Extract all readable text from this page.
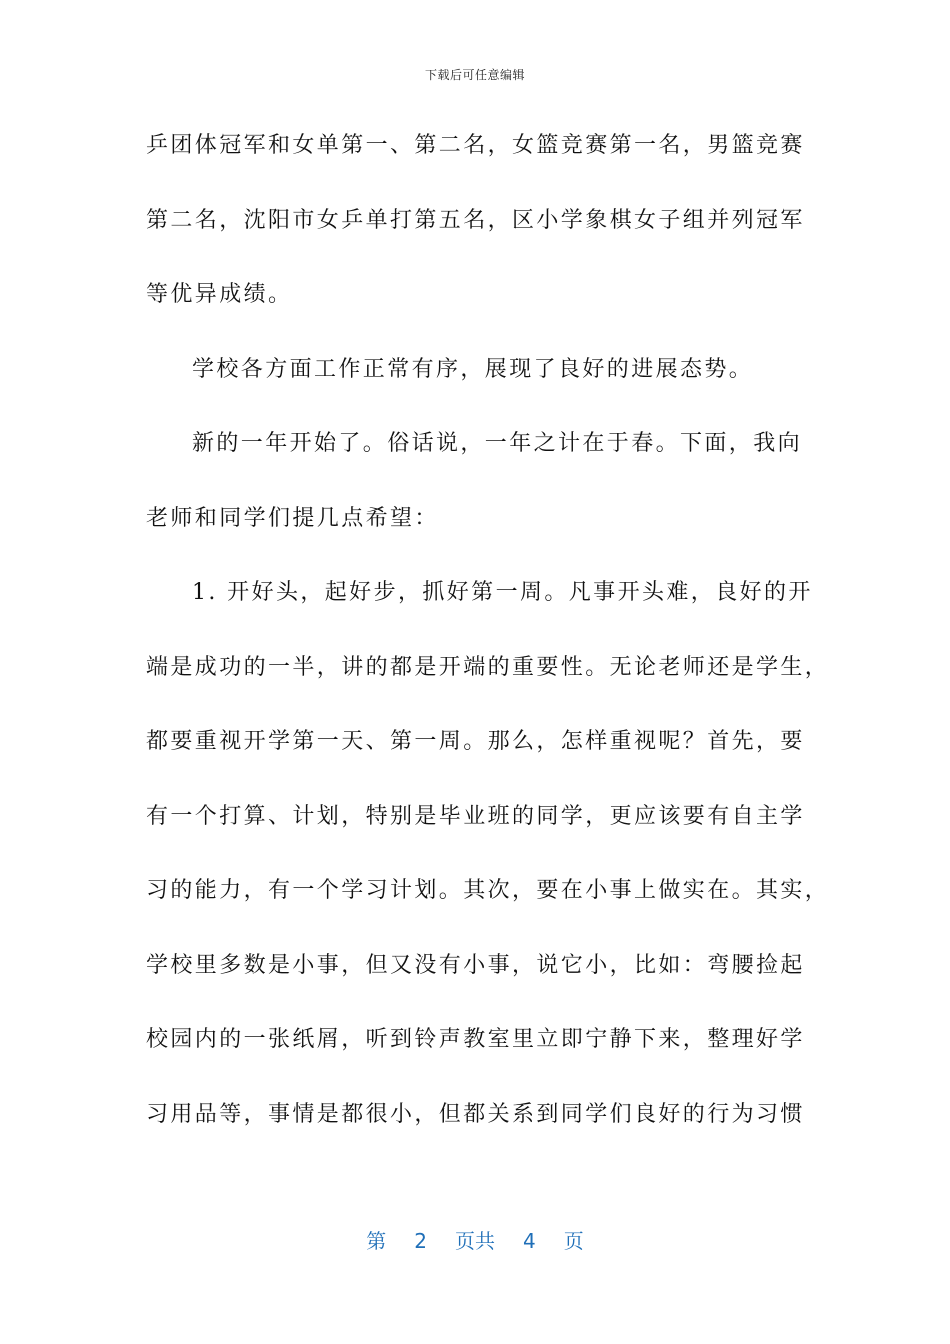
下载后可任意编辑
乒团体冠军和女单第一、第二名，女篮竞赛第一名，男篮竞赛
第二名，沈阳市女乒单打第五名，区小学象棋女子组并列冠军
等优异成绩。
学校各方面工作正常有序，展现了良好的进展态势。
新的一年开始了。俗话说，一年之计在于春。下面，我向
老师和同学们提几点希望：
1. 开好头，起好步，抓好第一周。凡事开头难，良好的开
端是成功的一半，讲的都是开端的重要性。无论老师还是学生，
都要重视开学第一天、第一周。那么，怎样重视呢？首先，要
有一个打算、计划，特别是毕业班的同学，更应该要有自主学
习的能力，有一个学习计划。其次，要在小事上做实在。其实，
学校里多数是小事，但又没有小事，说它小，比如：弯腰捡起
校园内的一张纸屑，听到铃声教室里立即宁静下来，整理好学
习用品等，事情是都很小，但都关系到同学们良好的行为习惯
第 2 页共 4 页
